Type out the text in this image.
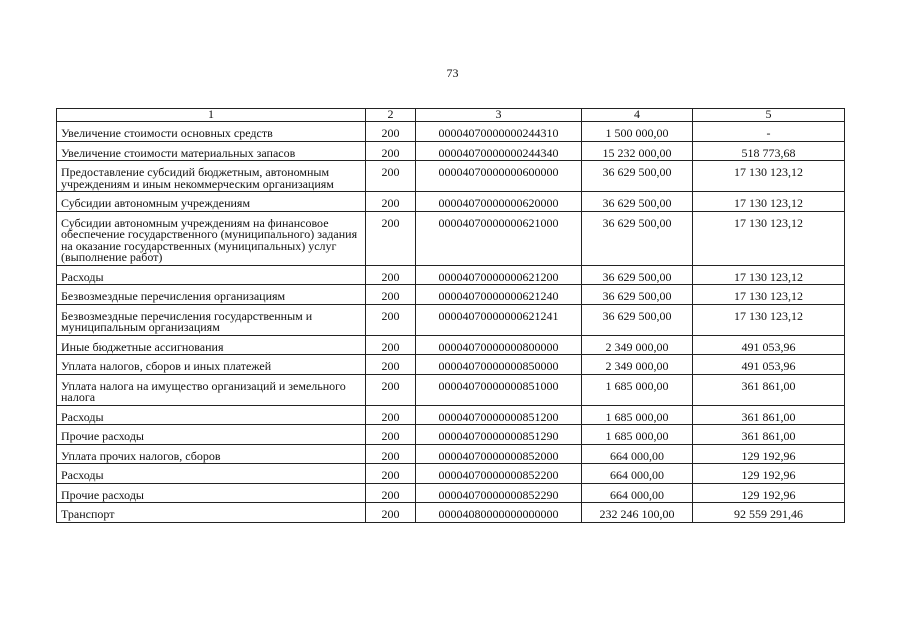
73
1	2	3	4	5
Увеличение стоимости основных средств	200	00004070000000244310	1 500 000,00	-
Увеличение стоимости материальных запасов	200	00004070000000244340	15 232 000,00	518 773,68
Предоставление субсидий бюджетным, автономным учреждениям и иным некоммерческим организациям	200	00004070000000600000	36 629 500,00	17 130 123,12
Субсидии автономным учреждениям	200	00004070000000620000	36 629 500,00	17 130 123,12
Субсидии автономным учреждениям на финансовое обеспечение государственного (муниципального) задания на оказание государственных (муниципальных) услуг (выполнение работ)	200	00004070000000621000	36 629 500,00	17 130 123,12
Расходы	200	00004070000000621200	36 629 500,00	17 130 123,12
Безвозмездные перечисления организациям	200	00004070000000621240	36 629 500,00	17 130 123,12
Безвозмездные перечисления государственным и муниципальным организациям	200	00004070000000621241	36 629 500,00	17 130 123,12
Иные бюджетные ассигнования	200	00004070000000800000	2 349 000,00	491 053,96
Уплата налогов, сборов и иных платежей	200	00004070000000850000	2 349 000,00	491 053,96
Уплата налога на имущество организаций и земельного налога	200	00004070000000851000	1 685 000,00	361 861,00
Расходы	200	00004070000000851200	1 685 000,00	361 861,00
Прочие расходы	200	00004070000000851290	1 685 000,00	361 861,00
Уплата прочих налогов, сборов	200	00004070000000852000	664 000,00	129 192,96
Расходы	200	00004070000000852200	664 000,00	129 192,96
Прочие расходы	200	00004070000000852290	664 000,00	129 192,96
Транспорт	200	00004080000000000000	232 246 100,00	92 559 291,46
